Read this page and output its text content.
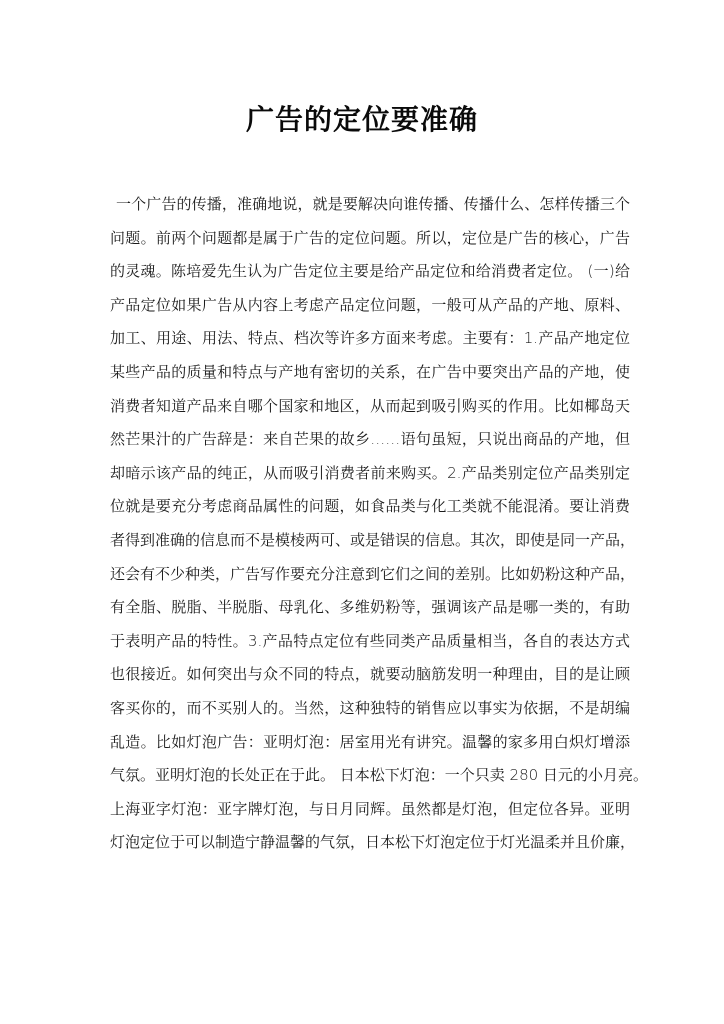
广告的定位要准确
一个广告的传播，准确地说，就是要解决向谁传播、传播什么、怎样传播三个
问题。前两个问题都是属于广告的定位问题。所以，定位是广告的核心，广告
的灵魂。陈培爱先生认为广告定位主要是给产品定位和给消费者定位。 (一)给
产品定位如果广告从内容上考虑产品定位问题，一般可从产品的产地、原料、
加工、用途、用法、特点、档次等许多方面来考虑。主要有：1.产品产地定位
某些产品的质量和特点与产地有密切的关系，在广告中要突出产品的产地，使
消费者知道产品来自哪个国家和地区，从而起到吸引购买的作用。比如椰岛天
然芒果汁的广告辞是：来自芒果的故乡……语句虽短，只说出商品的产地，但
却暗示该产品的纯正，从而吸引消费者前来购买。2.产品类别定位产品类别定
位就是要充分考虑商品属性的问题，如食品类与化工类就不能混淆。要让消费
者得到准确的信息而不是模棱两可、或是错误的信息。其次，即使是同一产品，
还会有不少种类，广告写作要充分注意到它们之间的差别。比如奶粉这种产品，
有全脂、脱脂、半脱脂、母乳化、多维奶粉等，强调该产品是哪一类的，有助
于表明产品的特性。3.产品特点定位有些同类产品质量相当，各自的表达方式
也很接近。如何突出与众不同的特点，就要动脑筋发明一种理由，目的是让顾
客买你的，而不买别人的。当然，这种独特的销售应以事实为依据，不是胡编
乱造。比如灯泡广告：亚明灯泡：居室用光有讲究。温馨的家多用白炽灯增添
气氛。亚明灯泡的长处正在于此。 日本松下灯泡：一个只卖 280 日元的小月亮。
上海亚字灯泡：亚字牌灯泡，与日月同辉。虽然都是灯泡，但定位各异。亚明
灯泡定位于可以制造宁静温馨的气氛，日本松下灯泡定位于灯光温柔并且价廉，
